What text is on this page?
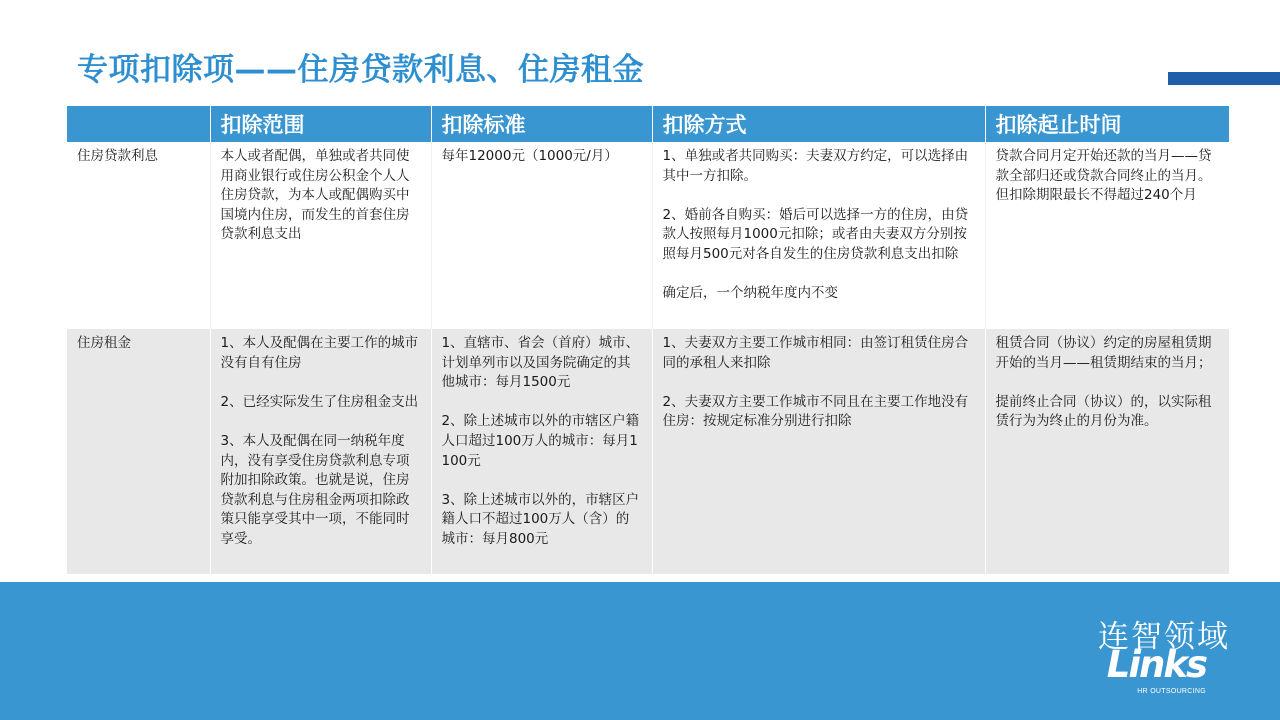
专项扣除项——住房贷款利息、住房租金
	扣除范围	扣除标准	扣除方式	扣除起止时间

住房贷款利息	本人或者配偶，单独或者共同使用商业银行或住房公积金个人人住房贷款，为本人或配偶购买中国境内住房，而发生的首套住房贷款利息支出	每年12000元（1000元/月）	1、单独或者共同购买：夫妻双方约定，可以选择由其中一方扣除。

2、婚前各自购买：婚后可以选择一方的住房，由贷款人按照每月1000元扣除；或者由夫妻双方分别按照每月500元对各自发生的住房贷款利息支出扣除

确定后，一个纳税年度内不变	贷款合同月定开始还款的当月——贷款全部归还或贷款合同终止的当月。但扣除期限最长不得超过240个月

住房租金	1、本人及配偶在主要工作的城市没有自有住房

2、已经实际发生了住房租金支出

3、本人及配偶在同一纳税年度内，没有享受住房贷款利息专项附加扣除政策。也就是说，住房贷款利息与住房租金两项扣除政策只能享受其中一项，不能同时享受。	1、直辖市、省会（首府）城市、计划单列市以及国务院确定的其他城市：每月1500元

2、除上述城市以外的市辖区户籍人口超过100万人的城市：每月1100元

3、除上述城市以外的，市辖区户籍人口不超过100万人（含）的城市：每月800元	1、夫妻双方主要工作城市相同：由签订租赁住房合同的承租人来扣除

2、夫妻双方主要工作城市不同且在主要工作地没有住房：按规定标准分别进行扣除	租赁合同（协议）约定的房屋租赁期开始的当月——租赁期结束的当月；

提前终止合同（协议）的，以实际租赁行为为终止的月份为准。
连智领域
Links
HR OUTSOURCING
